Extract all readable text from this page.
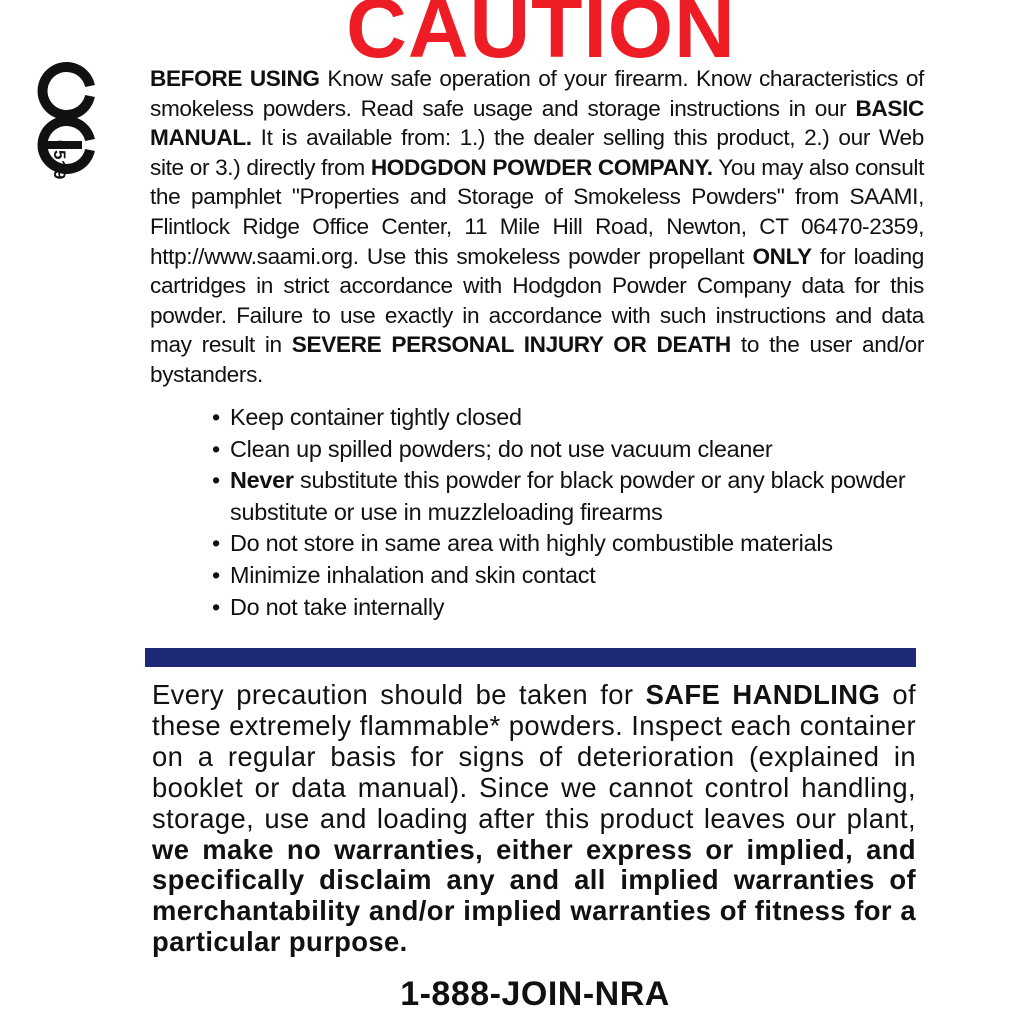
CAUTION
0519

BEFORE USING Know safe operation of your firearm. Know characteristics of smokeless powders. Read safe usage and storage instructions in our BASIC MANUAL. It is available from: 1.) the dealer selling this product, 2.) our Web site or 3.) directly from HODGDON POWDER COMPANY. You may also consult the pamphlet "Properties and Storage of Smokeless Powders" from SAAMI, Flintlock Ridge Office Center, 11 Mile Hill Road, Newton, CT 06470-2359, http://www.saami.org. Use this smokeless powder propellant ONLY for loading cartridges in strict accordance with Hodgdon Powder Company data for this powder. Failure to use exactly in accordance with such instructions and data may result in SEVERE PERSONAL INJURY OR DEATH to the user and/or bystanders.

• Keep container tightly closed
• Clean up spilled powders; do not use vacuum cleaner
• Never substitute this powder for black powder or any black powder substitute or use in muzzleloading firearms
• Do not store in same area with highly combustible materials
• Minimize inhalation and skin contact
• Do not take internally

Every precaution should be taken for SAFE HANDLING of these extremely flammable* powders. Inspect each container on a regular basis for signs of deterioration (explained in booklet or data manual). Since we cannot control handling, storage, use and loading after this product leaves our plant, we make no warranties, either express or implied, and specifically disclaim any and all implied warranties of merchantability and/or implied warranties of fitness for a particular purpose.

1-888-JOIN-NRA
